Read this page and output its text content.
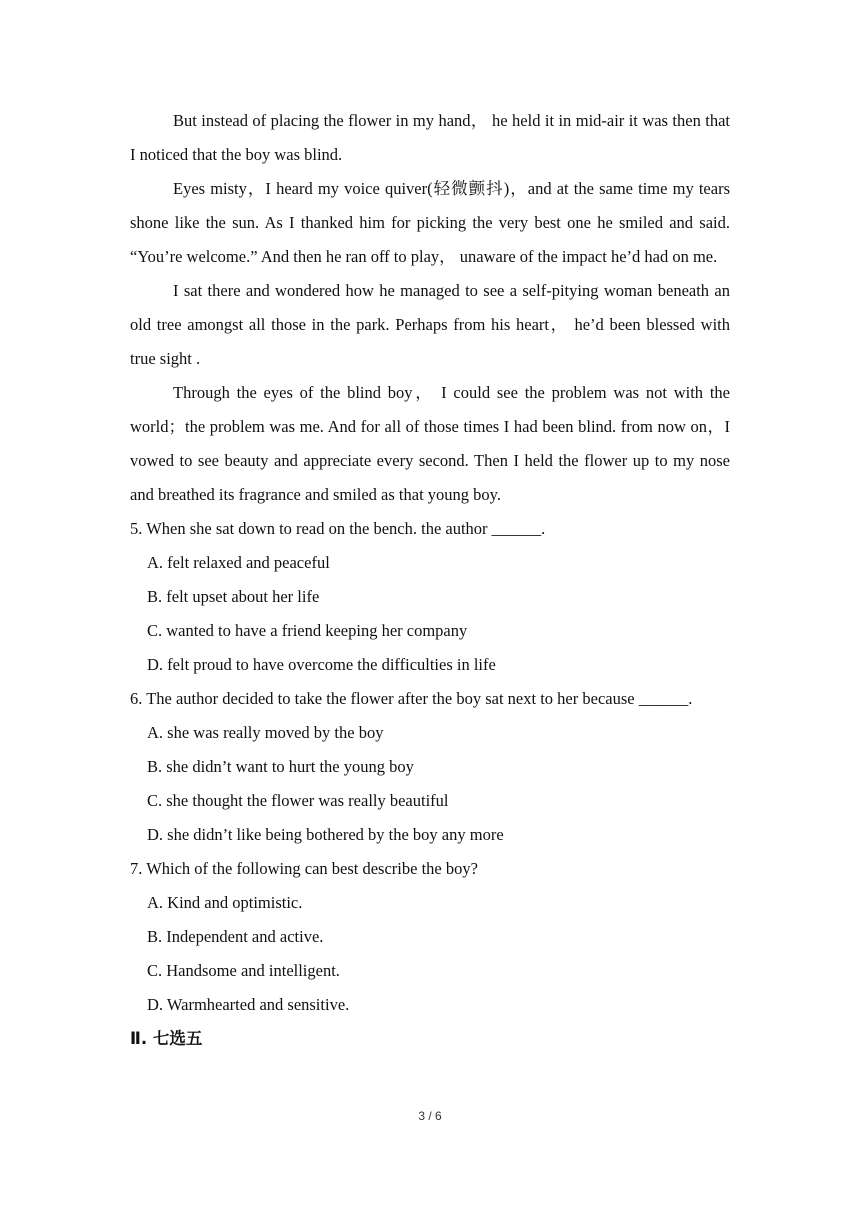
But instead of placing the flower in my hand， he held it in mid-air it was then that I noticed that the boy was blind.

Eyes misty，I heard my voice quiver(轻微颤抖)，and at the same time my tears shone like the sun. As I thanked him for picking the very best one he smiled and said. “You’re welcome.” And then he ran off to play， unaware of the impact he’d had on me.

I sat there and wondered how he managed to see a self-pitying woman beneath an old tree amongst all those in the park. Perhaps from his heart， he’d been blessed with true sight .

Through the eyes of the blind boy， I could see the problem was not with the world；the problem was me. And for all of those times I had been blind. from now on，I vowed to see beauty and appreciate every second. Then I held the flower up to my nose and breathed its fragrance and smiled as that young boy.

5. When she sat down to read on the bench. the author ______.

A. felt relaxed and peaceful

B. felt upset about her life

C. wanted to have a friend keeping her company

D. felt proud to have overcome the difficulties in life

6. The author decided to take the flower after the boy sat next to her because ______.

A. she was really moved by the boy

B. she didn’t want to hurt the young boy

C. she thought the flower was really beautiful

D. she didn’t like being bothered by the boy any more

7. Which of the following can best describe the boy?

A. Kind and optimistic.

B. Independent and active.

C. Handsome and intelligent.

D. Warmhearted and sensitive.

Ⅱ. 七选五

3 / 6
